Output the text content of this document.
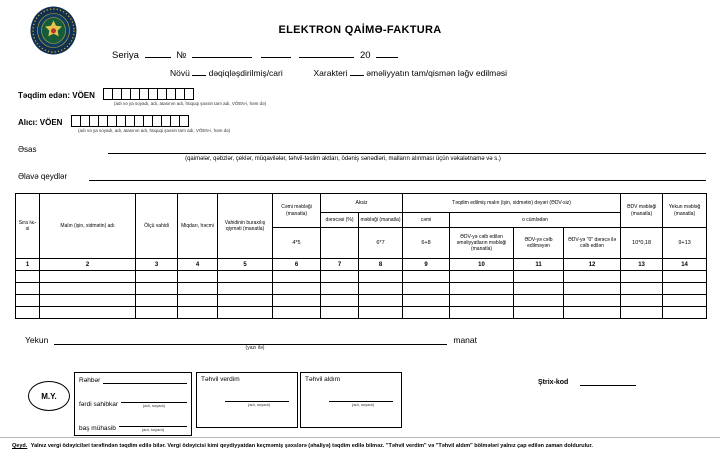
ELEKTRON QAİMƏ-FAKTURA
Seriya	№	20
Növü dəqiqləşdirilmiş/cari	Xarakteri əməliyyatın tam/qismən ləğv edilməsi
Təqdim edən: VÖEN
(adı və ya soyadı, adı, atasının adı, hüquqi şəxsin tam adı, VÖEN-i, həm də)
Alıcı: VÖEN
(adı və ya soyadı, adı, atasının adı, hüquqi şəxsin tam adı, VÖEN-i, həm də)
Əsas
(qaimələr, qəbzlər, çeklər, müqavilələr, təhvil-təslim aktları, ödəniş sənədləri, malların alınması üçün vəkalətnamə və s.)
Əlavə qeydlər
Sıra №-si	Malın (işin, xidmətin) adı	Ölçü vahidi	Miqdarı, həcmi	Vahidinin buraxılış qiyməti (manatla)	Cəmi məbləği (manatla)	Aksiz		Təqdim edilmiş malın (işin, xidmətin) dəyəri (ƏDV-siz)				ƏDV məbləği (manatla)	Yekun məbləğ (manatla)
						dərəcəsi (%)	məbləği (manatla)	cəmi	o cümlədən				
									ƏDV-yə cəlb edilən əməliyyatların məbləği (manatla)	ƏDV-yə cəlb edilməyən	ƏDV-yə "0" dərəcə ilə cəlb edilən		
					4*5		6*7	6+8				10*0,18	9+13
1	2	3	4	5	6	7	8	9	10	11	12	13	14

Yekun	manat
(yazı ilə)
M.Y.
Rəhbər
fərdi sahibkar	(adı, soyadı)
baş mühasib	(adı, soyadı)
Təhvil verdim
(adı, soyadı)
Təhvil aldım
(adı, soyadı)
Ştrix-kod
Qeyd. Yalnız vergi ödəyiciləri tərəfindən təqdim edilə bilər. Vergi ödəyicisi kimi qeydiyyatdan keçməmiş şəxslərə (əhaliyə) təqdim edilə bilməz. "Təhvil verdim" və "Təhvil aldım" bölmələri yalnız çap edilən zaman doldurulur.
